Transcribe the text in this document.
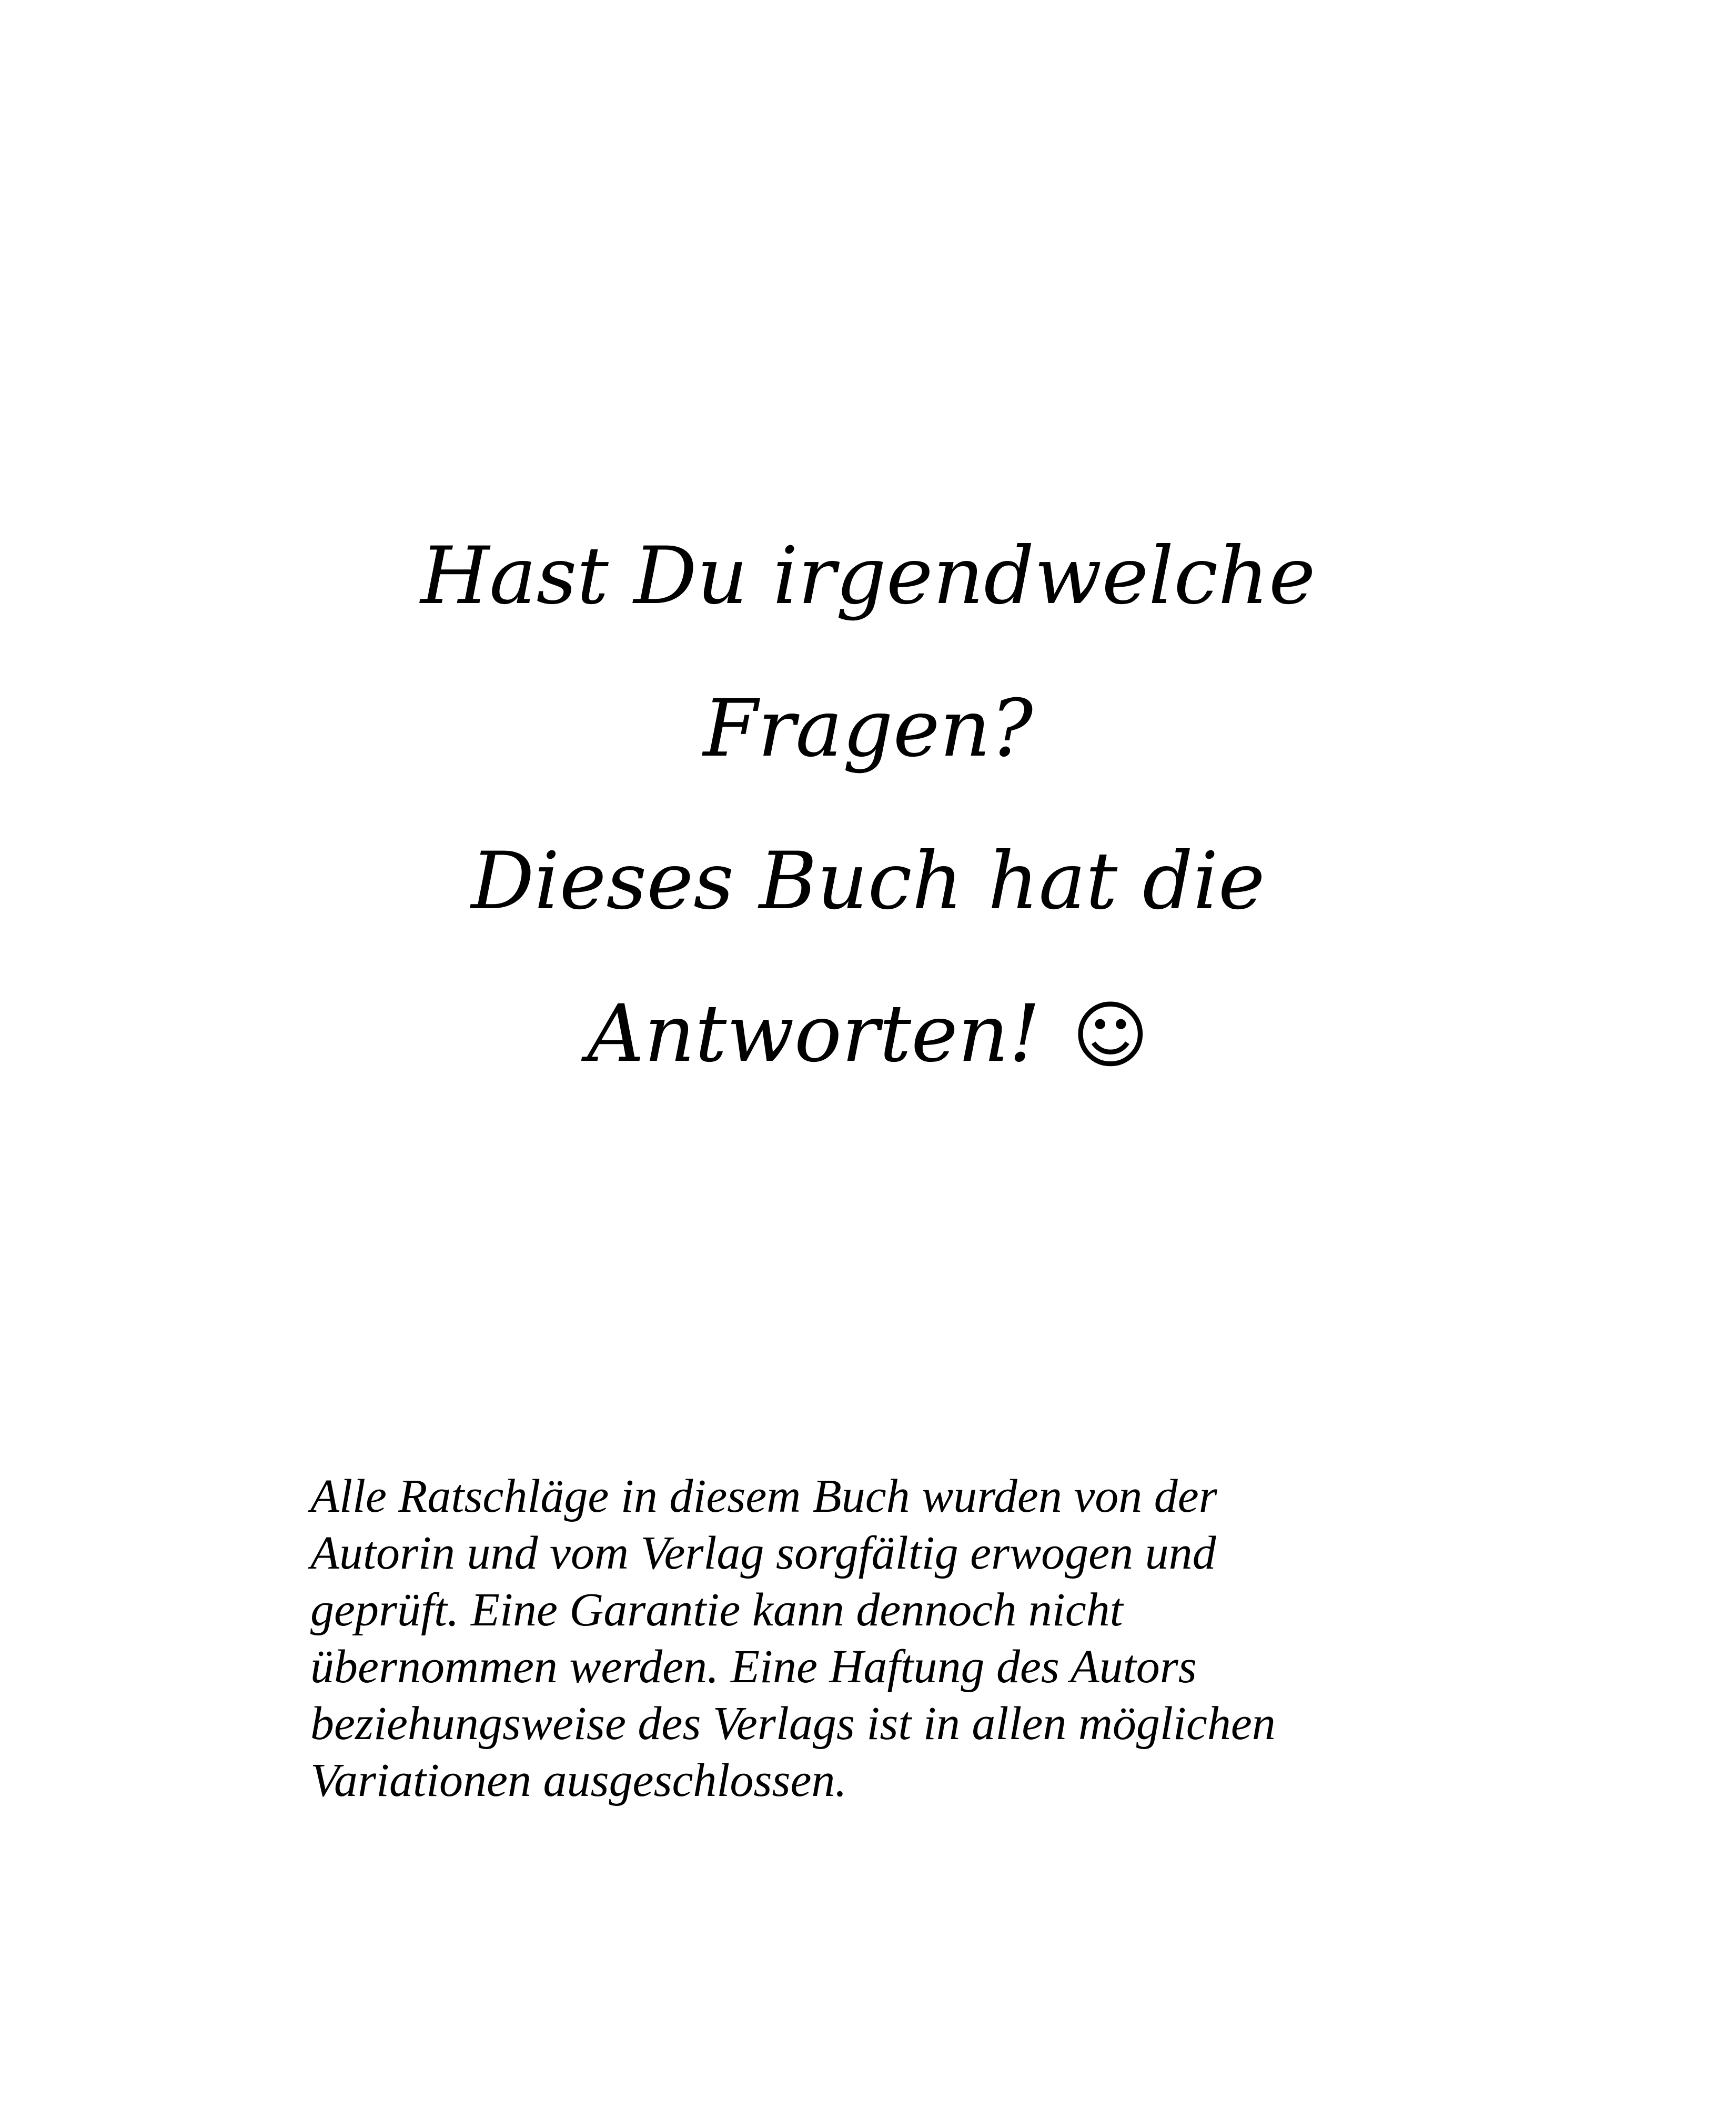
Hast Du irgendwelche
Fragen?
Dieses Buch hat die
Antworten! ☺
Alle Ratschläge in diesem Buch wurden von der
Autorin und vom Verlag sorgfältig erwogen und
geprüft. Eine Garantie kann dennoch nicht
übernommen werden. Eine Haftung des Autors
beziehungsweise des Verlags ist in allen möglichen
Variationen ausgeschlossen.
